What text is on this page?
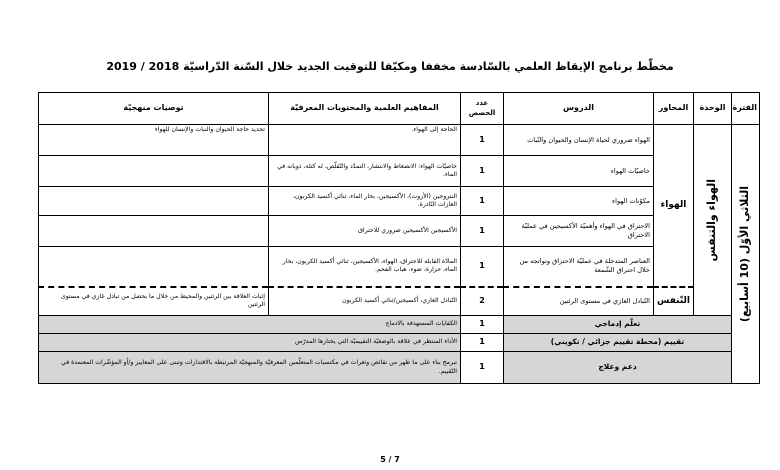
مخطّط برنامج الإيقاظ العلمي بالسّادسة مخففا ومكيّفا للتوقيت الجديد خلال السّنة الدّراسيّة 2018 / 2019
الفترة	الوحدة	المحاور	الدروس	عدد الحصص	المفاهيم العلمية والمحتويات المعرفيّة	توصيات منهجيّة

الثلاثي الأوّل (10 أسابيع)	الهواء والتنفس	الهواء	الهواء ضروري لحياة الإنسان والحيوان والنّبات	1	الحاجة إلى الهواء.	تحديد حاجة الحيوان والنبات والإنسان للهواء
			خاصيّات الهواء	1	خاصيّات الهواء: الانضغاط والانتشار، التمدّد والتّقلّص، له كتلة، ذوبانه في الماء.	
			مكوّنات الهواء	1	النتروجين (الأزوت)، الأكسيجين، بخار الماء، ثنائي أكسيد الكربون، الغازات النّادرة.	
			الاحتراق في الهواء وأهميّة الأكسيجين في عمليّة الاحتراق	1	الأكسيجين الأكسيجين ضروري للاحتراق	
			العناصر المتدخلة في عمليّة الاحتراق ونواتجه من خلال احتراق الشّمعة	1	المادّة القابلة للاحتراق، الهواء، الأكسيجين، ثنائي أكسيد الكربون، بخار الماء، حرارة، ضوء، هباب الفحم.	
		التّنفس	التّبادل الغازي في مستوى الرئتين	2	التّبادل الغازي، أكسيجين/ثنائي أكسيد الكربون	إثبات العلاقة بين الرئتين والمحيط من خلال ما يحصل من تبادل غازي في مستوى الرئتين
	تعلّم إدماجي			1	الكفايات المستهدفة بالادماج	
	تقييم (محطة تقييم جزائي / تكويني)			1	الأداء المنتظر في علاقة بالوضعيّة التقييميّة التي يختارها المدرّس	
	دعم وعلاج			1	تبرمج بناء على ما ظهر من نقائص وثغرات في مكتسبات المتعلّمين المعرفيّة والمنهجيّة المرتبطة بالاقتدارات وتبنى على المعايير و/أو المؤشّرات المعتمدة في التّقييم.	
5 / 7
